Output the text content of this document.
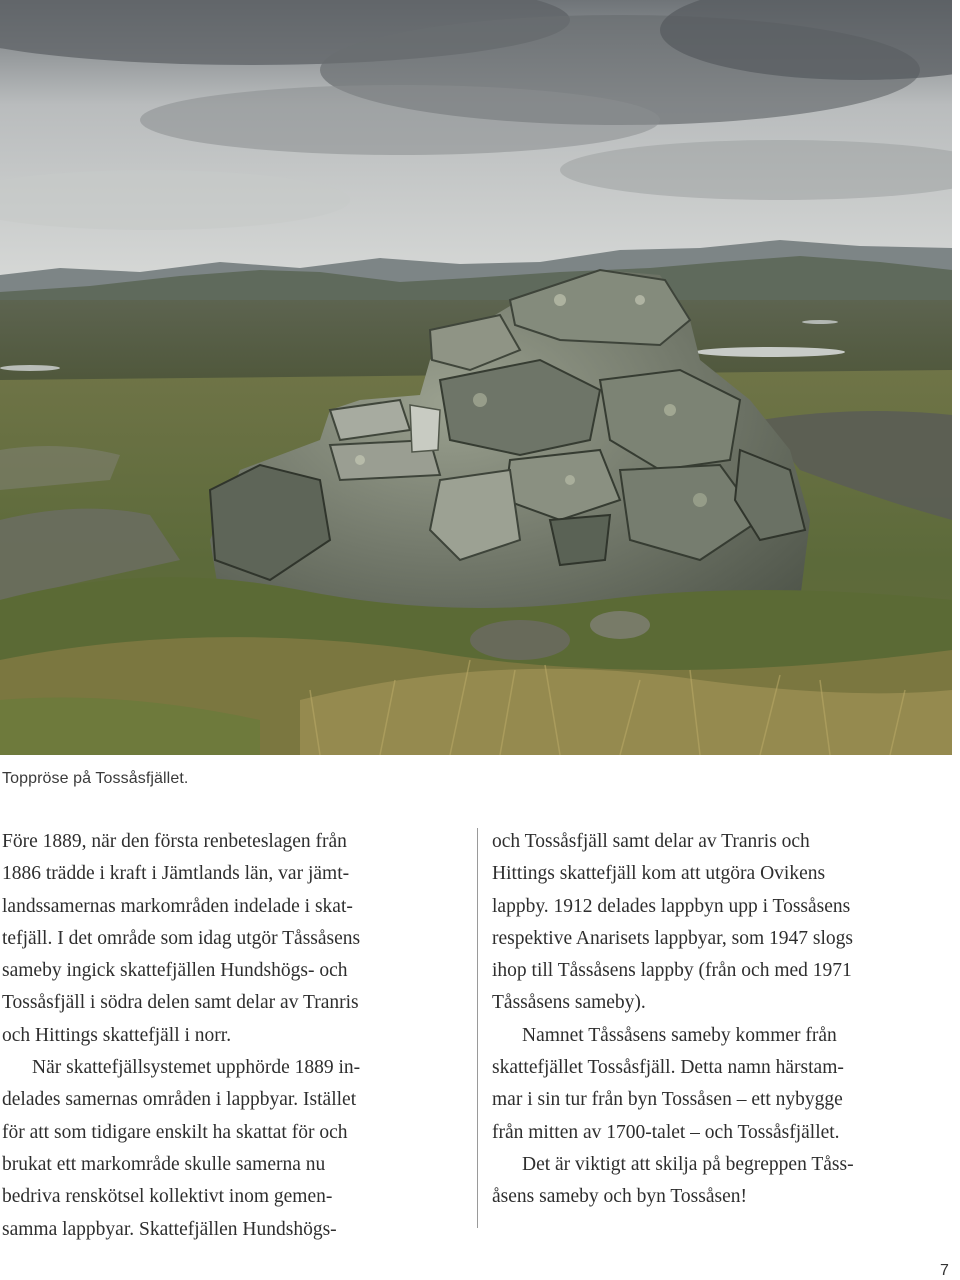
Toppröse på Tossåsfjället.

Före 1889, när den första renbeteslagen från
1886 trädde i kraft i Jämtlands län, var jämt-
landssamernas markområden indelade i skat-
tefjäll. I det område som idag utgör Tåssåsens
sameby ingick skattefjällen Hundshögs- och
Tossåsfjäll i södra delen samt delar av Tranris
och Hittings skattefjäll i norr.

När skattefjällsystemet upphörde 1889 in-
delades samernas områden i lappbyar. Istället
för att som tidigare enskilt ha skattat för och
brukat ett markområde skulle samerna nu
bedriva renskötsel kollektivt inom gemen-
samma lappbyar. Skattefjällen Hundshögs-

och Tossåsfjäll samt delar av Tranris och
Hittings skattefjäll kom att utgöra Ovikens
lappby. 1912 delades lappbyn upp i Tossåsens
respektive Anarisets lappbyar, som 1947 slogs
ihop till Tåssåsens lappby (från och med 1971
Tåssåsens sameby).

Namnet Tåssåsens sameby kommer från
skattefjället Tossåsfjäll. Detta namn härstam-
mar i sin tur från byn Tossåsen – ett nybygge
från mitten av 1700-talet – och Tossåsfjället.

Det är viktigt att skilja på begreppen Tåss-
åsens sameby och byn Tossåsen!

7
